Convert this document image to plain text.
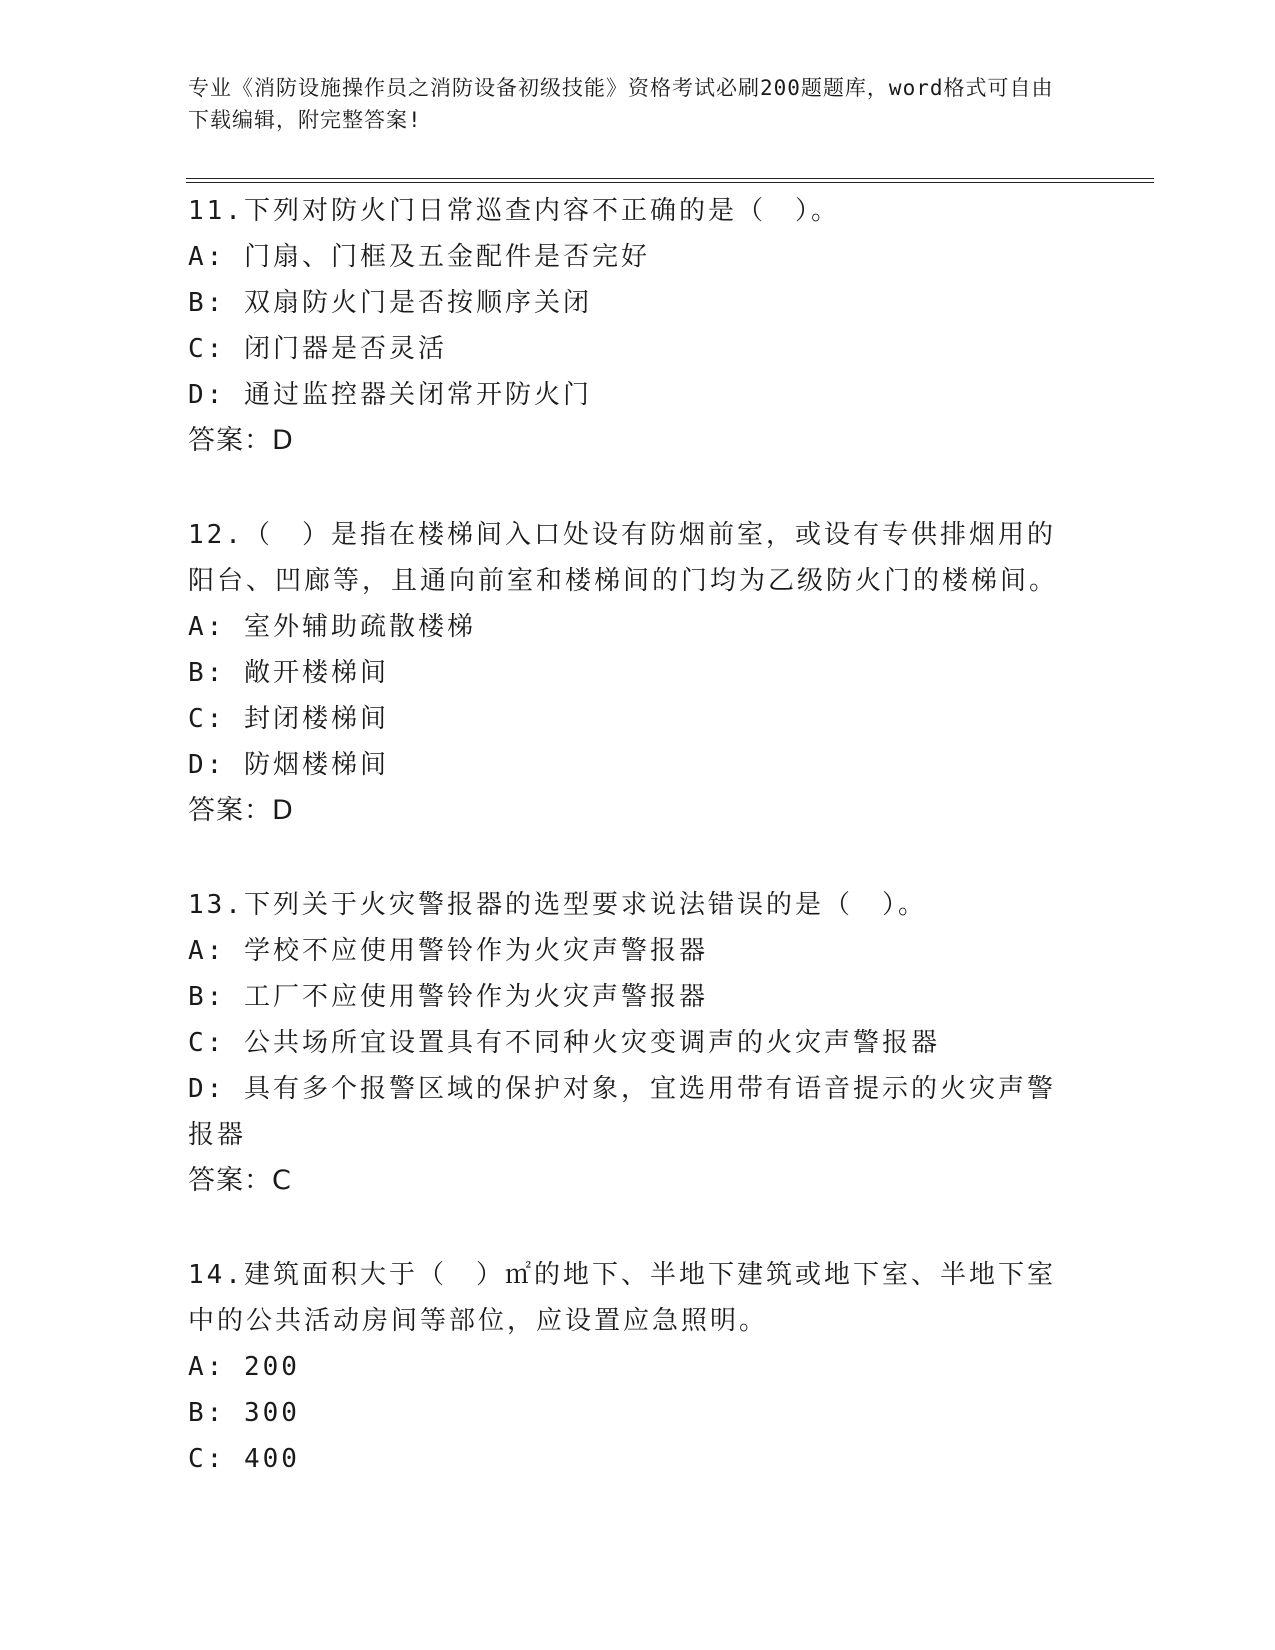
专业《消防设施操作员之消防设备初级技能》资格考试必刷200题题库，word格式可自由下载编辑，附完整答案!

11.下列对防火门日常巡查内容不正确的是（　）。

A: 门扇、门框及五金配件是否完好

B: 双扇防火门是否按顺序关闭

C: 闭门器是否灵活

D: 通过监控器关闭常开防火门

答案：D

12.（　）是指在楼梯间入口处设有防烟前室，或设有专供排烟用的阳台、凹廊等，且通向前室和楼梯间的门均为乙级防火门的楼梯间。

A: 室外辅助疏散楼梯

B: 敞开楼梯间

C: 封闭楼梯间

D: 防烟楼梯间

答案：D

13.下列关于火灾警报器的选型要求说法错误的是（　）。

A: 学校不应使用警铃作为火灾声警报器

B: 工厂不应使用警铃作为火灾声警报器

C: 公共场所宜设置具有不同种火灾变调声的火灾声警报器

D: 具有多个报警区域的保护对象，宜选用带有语音提示的火灾声警报器

答案：C

14.建筑面积大于（　）㎡的地下、半地下建筑或地下室、半地下室中的公共活动房间等部位，应设置应急照明。

A: 200

B: 300

C: 400
